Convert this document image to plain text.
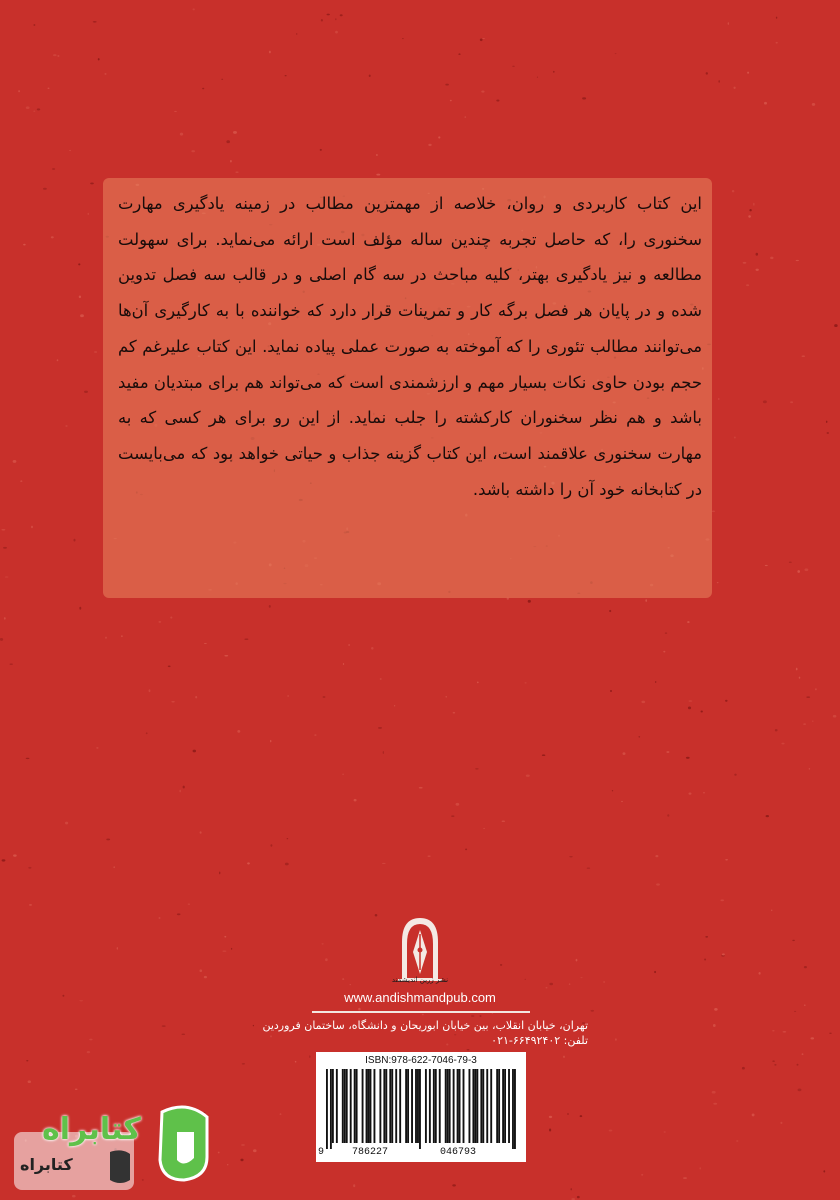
این کتاب کاربردی و روان، خلاصه از مهمترین مطالب در زمینه یادگیری مهارت سخنوری را، که حاصل تجربه چندین ساله مؤلف است ارائه می‌نماید. برای سهولت مطالعه و نیز یادگیری بهتر، کلیه مباحث در سه گام اصلی و در قالب سه فصل تدوین شده و در پایان هر فصل برگه کار و تمرینات قرار دارد که خواننده با به کارگیری آن‌ها می‌توانند مطالب تئوری را که آموخته به صورت عملی پیاده نماید. این کتاب علیرغم کم حجم بودن حاوی نکات بسیار مهم و ارزشمندی است که می‌تواند هم برای مبتدیان مفید باشد و هم نظر سخنوران کارکشته را جلب نماید. از این رو برای هر کسی که به مهارت سخنوری علاقمند است، این کتاب گزینه جذاب و حیاتی خواهد بود که می‌بایست در کتابخانه خود آن را داشته باشد.

نشر زرین اندیشمند
www.andishmandpub.com
تهران، خیابان انقلاب، بین خیابان ابوریحان و دانشگاه، ساختمان فروردین
تلفن: ۶۶۴۹۲۴۰۲-۰۲۱
ISBN:978-622-7046-79-3
9	786227	046793
کتابراه
کتابراه
